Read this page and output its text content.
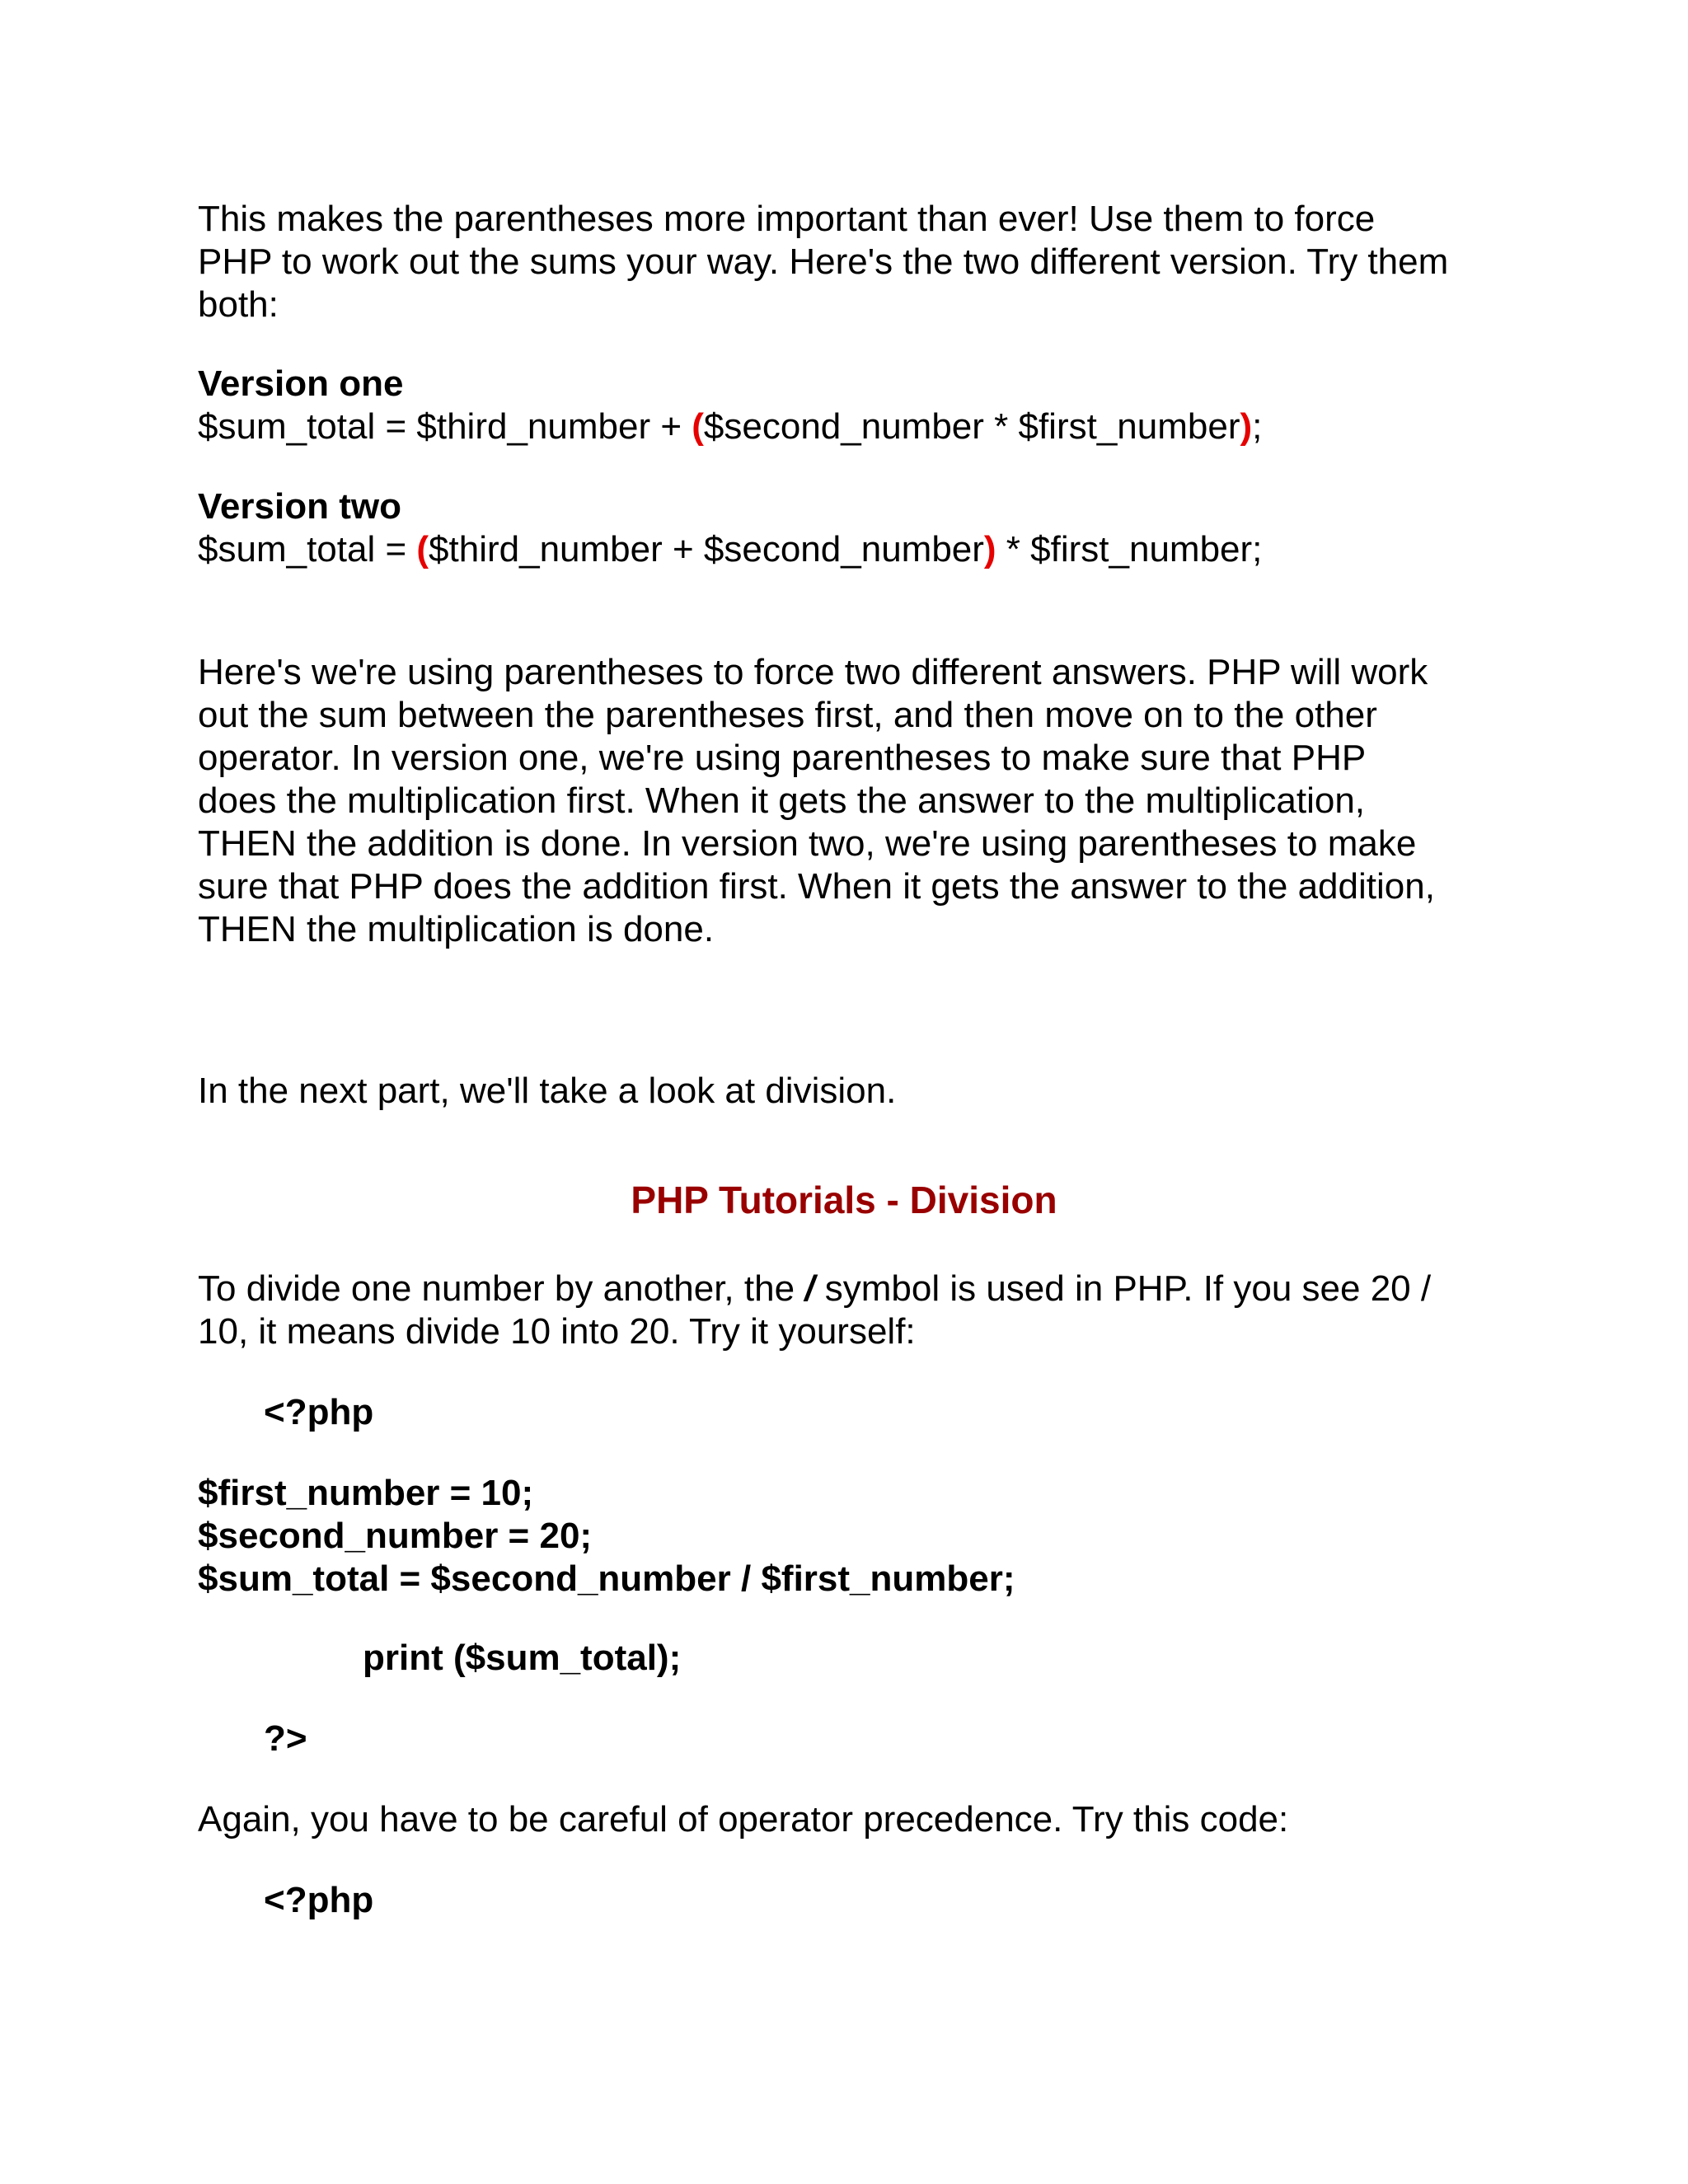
This makes the parentheses more important than ever! Use them to force
PHP to work out the sums your way. Here's the two different version. Try them
both:
Version one
$sum_total = $third_number + ($second_number * $first_number);
Version two
$sum_total = ($third_number + $second_number) * $first_number;
Here's we're using parentheses to force two different answers. PHP will work
out the sum between the parentheses first, and then move on to the other
operator. In version one, we're using parentheses to make sure that PHP
does the multiplication first. When it gets the answer to the multiplication,
THEN the addition is done. In version two, we're using parentheses to make
sure that PHP does the addition first. When it gets the answer to the addition,
THEN the multiplication is done.
In the next part, we'll take a look at division.
PHP Tutorials - Division
To divide one number by another, the / symbol is used in PHP. If you see 20 /
10, it means divide 10 into 20. Try it yourself:
<?php
$first_number = 10;
$second_number = 20;
$sum_total = $second_number / $first_number;
print ($sum_total);
?>
Again, you have to be careful of operator precedence. Try this code:
<?php
